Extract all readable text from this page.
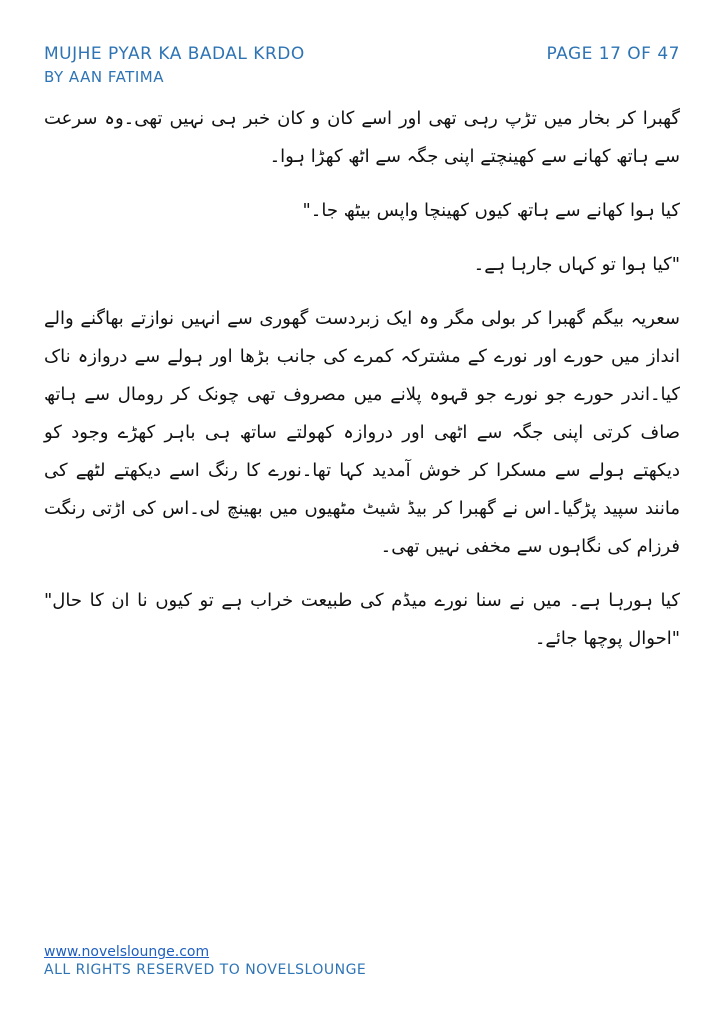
MUJHE PYAR KA BADAL KRDO	PAGE 17 OF 47
BY AAN FATIMA

گھبرا کر بخار میں تڑپ رہی تھی اور اسے کان و کان خبر ہی نہیں تھی۔وہ سرعت سے ہاتھ کھانے سے کھینچتے اپنی جگہ سے اٹھ کھڑا ہوا۔

کیا ہوا کھانے سے ہاتھ کیوں کھینچا واپس بیٹھ جا۔"

"کیا ہوا تو کہاں جارہا ہے۔

سعریہ بیگم گھبرا کر بولی مگر وہ ایک زبردست گھوری سے انہیں نوازتے بھاگنے والے انداز میں حورے اور نورے کے مشترکہ کمرے کی جانب بڑھا اور ہولے سے دروازہ ناک کیا۔اندر حورے جو نورے جو قہوہ پلانے میں مصروف تھی چونک کر رومال سے ہاتھ صاف کرتی اپنی جگہ سے اٹھی اور دروازہ کھولتے ساتھ ہی باہر کھڑے وجود کو دیکھتے ہولے سے مسکرا کر خوش آمدید کہا تھا۔نورے کا رنگ اسے دیکھتے لٹھے کی مانند سپید پڑگیا۔اس نے گھبرا کر بیڈ شیٹ مٹھیوں میں بھینچ لی۔اس کی اڑتی رنگت فرزام کی نگاہوں سے مخفی نہیں تھی۔

کیا ہورہا ہے۔ میں نے سنا نورے میڈم کی طبیعت خراب ہے تو کیوں نا ان کا حال" "احوال پوچھا جائے۔

www.novelslounge.com
ALL RIGHTS RESERVED TO NOVELSLOUNGE
